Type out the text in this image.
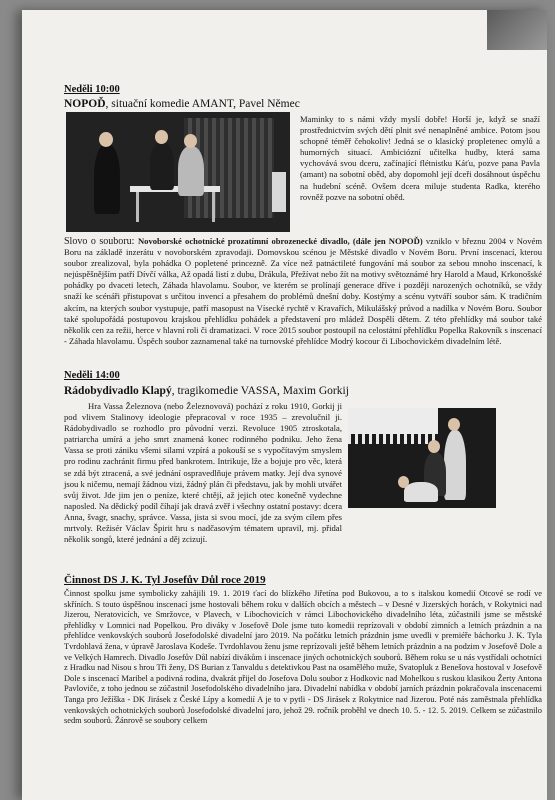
Neděli 10:00
NOPOĎ, situační komedie AMANT, Pavel Němec
Maminky to s námi vždy myslí dobře! Horší je, když se snaží prostřednictvím svých dětí plnit své nenaplněné ambice. Potom jsou schopné téměř čehokoliv! Jedná se o klasický propletenec omylů a humorných situací. Ambiciózní učitelka hudby, která sama vychovává svou dceru, začínající flétnistku Káťu, pozve pana Pavla (amant) na sobotní oběd, aby dopomohl její dceři dosáhnout úspěchu na hudební scéně. Ovšem dcera miluje studenta Radka, kterého rovněž pozve na sobotní oběd.
Slovo o souboru: Novoborské ochotnické prozatímní obrozenecké divadlo, (dále jen NOPOĎ) vzniklo v březnu 2004 v Novém Boru na základě inzerátu v novoborském zpravodaji. Domovskou scénou je Městské divadlo v Novém Boru. První inscenací, kterou soubor zrealizoval, byla pohádka O popletené princezně. Za více než patnáctileté fungování má soubor za sebou mnoho inscenací, k nejúspěšnějším patří Dívčí válka, Až opadá listí z dubu, Drákula, Přežívat nebo žít na motivy světoznámé hry Harold a Maud, Krkonošské pohádky po dvaceti letech, Záhada hlavolamu. Soubor, ve kterém se prolínají generace dříve i později narozených ochotníků, se vždy snaží ke scénáři přistupovat s určitou invencí a přesahem do problémů dnešní doby. Kostýmy a scénu vytváří soubor sám. K tradičním akcím, na kterých soubor vystupuje, patří masopust na Vísecké rychtě v Kravařích, Mikulášský průvod a nadílka v Novém Boru. Soubor také spolupořádá postupovou krajskou přehlídku pohádek a představení pro mládež Dospělí dětem. Z této přehlídky má soubor také několik cen za režii, herce v hlavní roli či dramatizaci. V roce 2015 soubor postoupil na celostátní přehlídku Popelka Rakovník s inscenací - Záhada hlavolamu. Úspěch soubor zaznamenal také na turnovské přehlídce Modrý kocour či Libochovickém divadelním létě.
Neděli 14:00
Rádobydivadlo Klapý, tragikomedie VASSA, Maxim Gorkij
Hra Vassa Železnova (nebo Železnovová) pochází z roku 1910, Gorkij ji pod vlivem Stalinovy ideologie přepracoval v roce 1935 – zrevolučnil ji. Rádobydivadlo se rozhodlo pro původní verzi. Revoluce 1905 ztroskotala, patriarcha umírá a jeho smrt znamená konec rodinného podniku. Jeho žena Vassa se proti zániku všemi silami vzpírá a pokouší se s vypočítavým smyslem pro rodinu zachránit firmu před bankrotem. Intrikuje, lže a bojuje pro věc, která se zdá být ztracená, a své jednání ospravedlňuje právem matky. Její dva synové jsou k ničemu, nemají žádnou vizi, žádný plán či představu, jak by mohli utvářet svůj život. Jde jim jen o peníze, které chtějí, až jejich otec konečně vydechne naposled. Na dědický podíl číhají jak dravá zvěř i všechny ostatní postavy: dcera Anna, švagr, snachy, správce. Vassa, jista si svou mocí, jde za svým cílem přes mrtvoly. Režisér Václav Špirit hru s nadčasovým tématem upravil, mj. přidal několik songů, které jednání a děj zcizují.
Činnost DS J. K. Tyl Josefův Důl roce 2019
Činnost spolku jsme symbolicky zahájili 19. 1. 2019 ťací do blízkého Jiřetína pod Bukovou, a to s italskou komedií Otcové se rodí ve skříních. S touto úspěšnou inscenací jsme hostovali během roku v dalších obcích a městech – v Desné v Jizerských horách, v Rokytnici nad Jizerou, Neratovicích, ve Smržovce, v Plavech, v Libochovicích v rámci Libochovického divadelního léta, zúčastnili jsme se městské přehlídky v Lomnici nad Popelkou. Pro diváky v Josefově Dole jsme tuto komedii reprízovali v období zimních a letních prázdnin a na přehlídce venkovských souborů Josefodolské divadelní jaro 2019. Na počátku letních prázdnin jsme uvedli v premiéře báchorku J. K. Tyla Tvrdohlavá žena, v úpravě Jaroslava Kodeše. Tvrdohlavou ženu jsme reprízovali ještě během letních prázdnin a na podzim v Josefově Dole a ve Velkých Hamrech. Divadlo Josefův Důl nabízí divákům i inscenace jiných ochotnických souborů. Během roku se u nás vystřídali ochotníci z Hradku nad Nisou s hrou Tři ženy, DS Burian z Tanvaldu s detektivkou Past na osamělého muže, Svatopluk z Benešova hostoval v Josefově Dole s inscenací Maribel a podivná rodina, dvakrát přijel do Josefova Dolu soubor z Hodkovic nad Mohelkou s ruskou klasikou Žerty Antona Pavloviče, z toho jednou se zúčastnil Josefodolského divadelního jara. Divadelní nabídka v období jarních prázdnin pokračovala inscenacemi Tanga pro Ježíška - DK Jirásek z České Lípy a komedií A je to v pytli - DS Jirásek z Rokytnice nad Jizerou. Poté nás zaměstnala přehlídka venkovských ochotnických souborů Josefodolské divadelní jaro, jehož 29. ročník proběhl ve dnech 10. 5. - 12. 5. 2019. Celkem se zúčastnilo sedm souborů. Žánrově se soubory celkem
